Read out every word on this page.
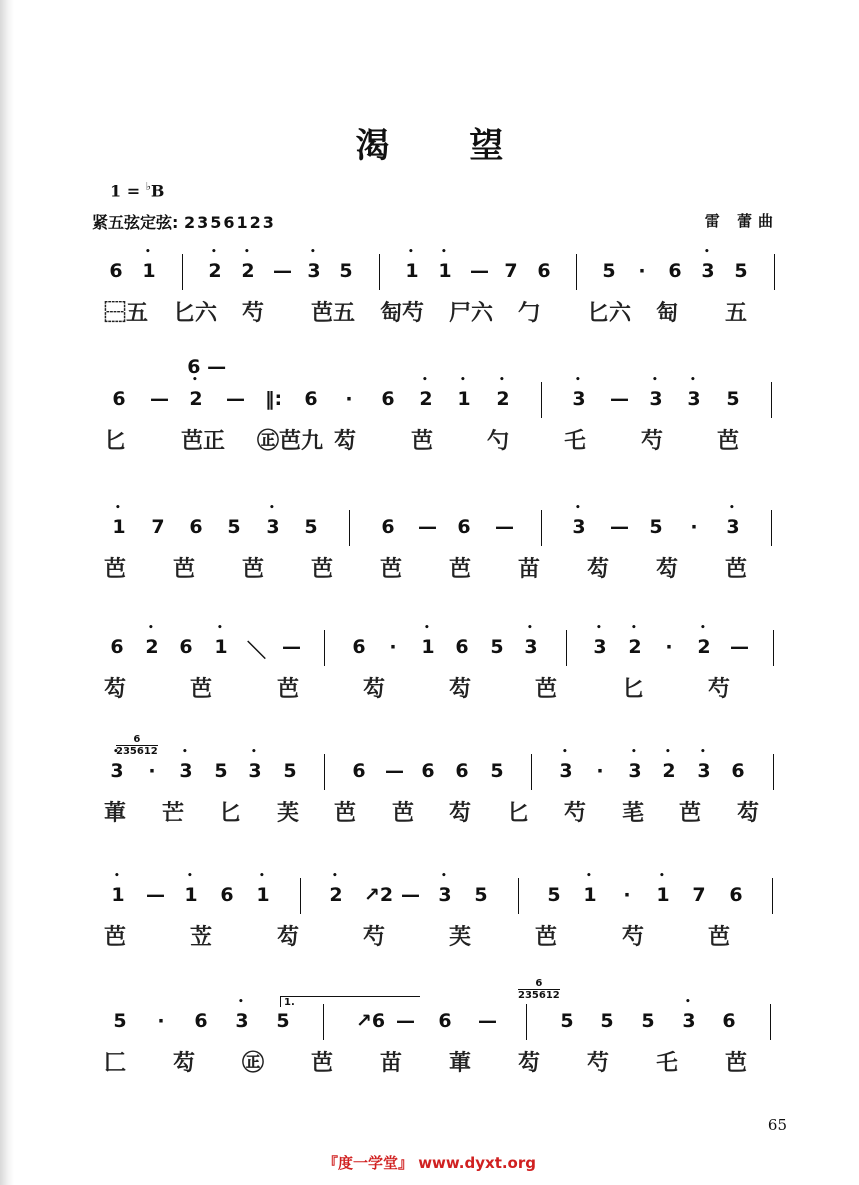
渴 望
1 = ♭B
紧五弦定弦: 2356123	雷 蕾曲
6 • 1	• 2 • 2 — • 3 5	• 1 • 1 — 7 6	5 · 6 • 3 5
⿱五 匕六 芍 芭五 匋芍 尸六 勹 匕六 匋 五
6 — • 2 — ‖: 6 · 6 • 2 • 1 • 2	• 3 — • 3 • 3 5
6 —
匕 芭正 ㊣芭九 芶 芭 勺 乇 芍 芭
• 1 7 6 5 • 3 5	6 — 6 —	• 3 — 5 · • 3
芭 芭 芭 芭 芭 芭 苗 芶 芶 芭
6 • 2 6 • 1 ＼ —	6 · • 1 6 5 • 3	• 3 • 2 · • 2 —
芶	芭	芭	芶	芶	芭	匕	芍
• 3 · • 3 5 • 3 5	6 — 6 6 5	• 3 · • 3 • 2 • 3 6
莗 芒 匕 芙 芭 芭 芶 匕 芍 芼 芭 芶
• 1 — • 1 6 • 1	• 2 ↗2 — • 3 5	5 • 1 · • 1 7 6
芭	苙	芶	芍	芙	芭	芍	芭
5 · 6 • 3 5	↗6 — 6 —	5 5 5 • 3 6
1.
匚 芶 ㊣ 芭 苗 莗 芶 芍 乇 芭
6
235612
6
235612
65
『度一学堂』 www.dyxt.org
